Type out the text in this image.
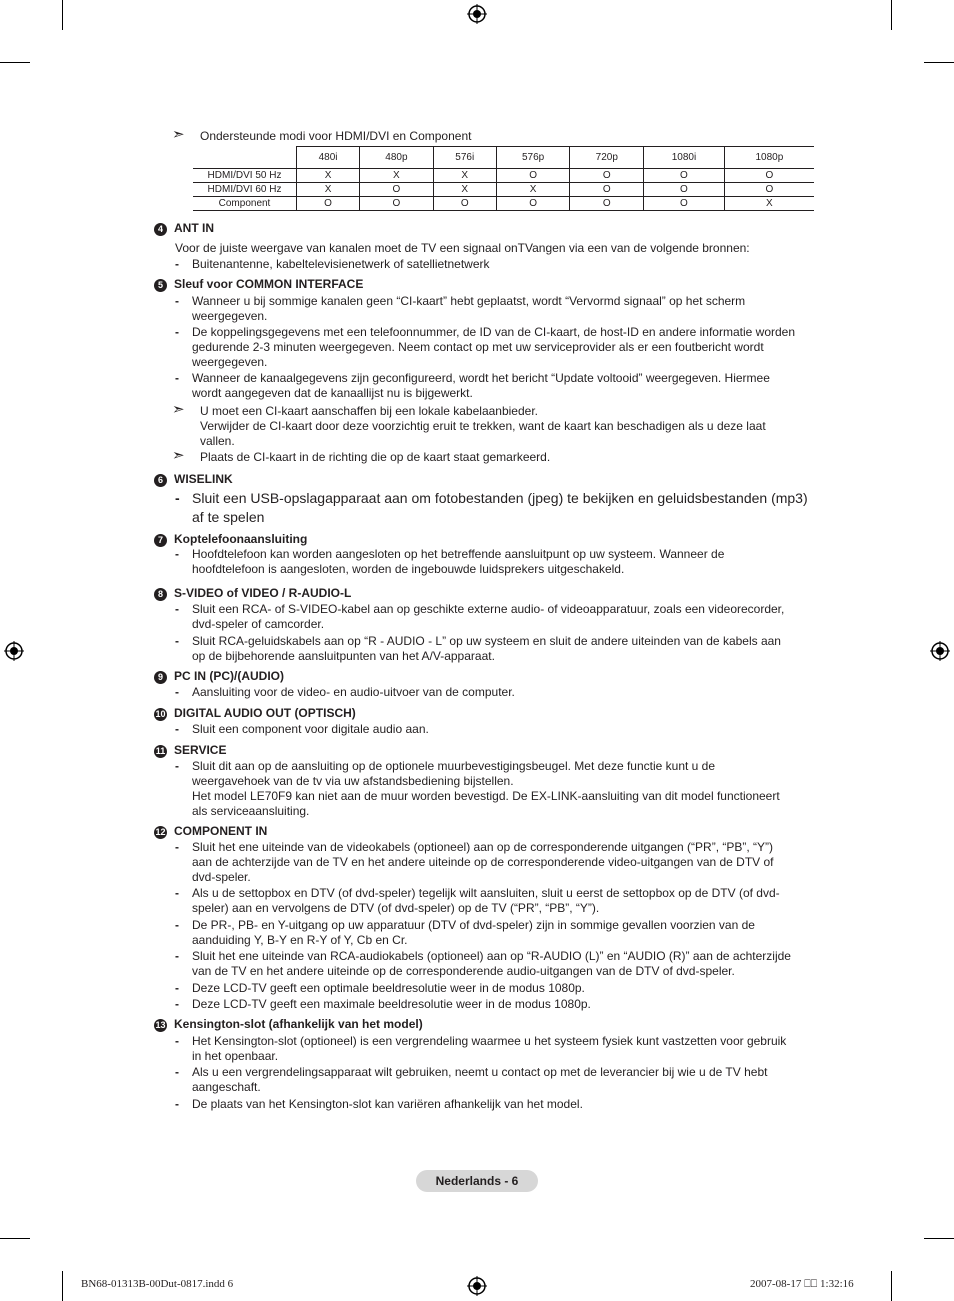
➣ Ondersteunde modi voor HDMI/DVI en Component
	480i	480p	576i	576p	720p	1080i	1080p
HDMI/DVI 50 Hz	X	X	X	O	O	O	O
HDMI/DVI 60 Hz	X	O	X	X	O	O	O
Component	O	O	O	O	O	O	X
4 ANT IN
Voor de juiste weergave van kanalen moet de TV een signaal onTVangen via een van de volgende bronnen:
- Buitenantenne, kabeltelevisienetwerk of satellietnetwerk
5 Sleuf voor COMMON INTERFACE
- Wanneer u bij sommige kanalen geen “CI-kaart” hebt geplaatst, wordt “Vervormd signaal” op het scherm
weergegeven.
- De koppelingsgegevens met een telefoonnummer, de ID van de CI-kaart, de host-ID en andere informatie worden
gedurende 2-3 minuten weergegeven. Neem contact op met uw serviceprovider als er een foutbericht wordt
weergegeven.
- Wanneer de kanaalgegevens zijn geconfigureerd, wordt het bericht “Update voltooid” weergegeven. Hiermee
wordt aangegeven dat de kanaallijst nu is bijgewerkt.
➣ U moet een CI-kaart aanschaffen bij een lokale kabelaanbieder.
Verwijder de CI-kaart door deze voorzichtig eruit te trekken, want de kaart kan beschadigen als u deze laat
vallen.
➣ Plaats de CI-kaart in de richting die op de kaart staat gemarkeerd.
6 WISELINK
- Sluit een USB-opslagapparaat aan om fotobestanden (jpeg) te bekijken en geluidsbestanden (mp3)
af te spelen
7 Koptelefoonaansluiting
- Hoofdtelefoon kan worden aangesloten op het betreffende aansluitpunt op uw systeem. Wanneer de
hoofdtelefoon is aangesloten, worden de ingebouwde luidsprekers uitgeschakeld.
8 S-VIDEO of VIDEO / R-AUDIO-L
- Sluit een RCA- of S-VIDEO-kabel aan op geschikte externe audio- of videoapparatuur, zoals een videorecorder,
dvd-speler of camcorder.
- Sluit RCA-geluidskabels aan op “R - AUDIO - L” op uw systeem en sluit de andere uiteinden van de kabels aan
op de bijbehorende aansluitpunten van het A/V-apparaat.
9 PC IN (PC)/(AUDIO)
- Aansluiting voor de video- en audio-uitvoer van de computer.
10 DIGITAL AUDIO OUT (OPTISCH)
- Sluit een component voor digitale audio aan.
11 SERVICE
- Sluit dit aan op de aansluiting op de optionele muurbevestigingsbeugel. Met deze functie kunt u de
weergavehoek van de tv via uw afstandsbediening bijstellen.
Het model LE70F9 kan niet aan de muur worden bevestigd. De EX-LINK-aansluiting van dit model functioneert
als serviceaansluiting.
12 COMPONENT IN
- Sluit het ene uiteinde van de videokabels (optioneel) aan op de corresponderende uitgangen (“PR”, “PB”, “Y”)
aan de achterzijde van de TV en het andere uiteinde op de corresponderende video-uitgangen van de DTV of
dvd-speler.
- Als u de settopbox en DTV (of dvd-speler) tegelijk wilt aansluiten, sluit u eerst de settopbox op de DTV (of dvd-
speler) aan en vervolgens de DTV (of dvd-speler) op de TV (“PR”, “PB”, “Y”).
- De PR-, PB- en Y-uitgang op uw apparatuur (DTV of dvd-speler) zijn in sommige gevallen voorzien van de
aanduiding Y, B-Y en R-Y of Y, Cb en Cr.
- Sluit het ene uiteinde van RCA-audiokabels (optioneel) aan op “R-AUDIO (L)” en “AUDIO (R)” aan de achterzijde
van de TV en het andere uiteinde op de corresponderende audio-uitgangen van de DTV of dvd-speler.
- Deze LCD-TV geeft een optimale beeldresolutie weer in de modus 1080p.
- Deze LCD-TV geeft een maximale beeldresolutie weer in de modus 1080p.
13 Kensington-slot (afhankelijk van het model)
- Het Kensington-slot (optioneel) is een vergrendeling waarmee u het systeem fysiek kunt vastzetten voor gebruik
in het openbaar.
- Als u een vergrendelingsapparaat wilt gebruiken, neemt u contact op met de leverancier bij wie u de TV hebt
aangeschaft.
- De plaats van het Kensington-slot kan variëren afhankelijk van het model.
Nederlands - 6
BN68-01313B-00Dut-0817.indd 6	2007-08-17 ⎕⎕ 1:32:16
